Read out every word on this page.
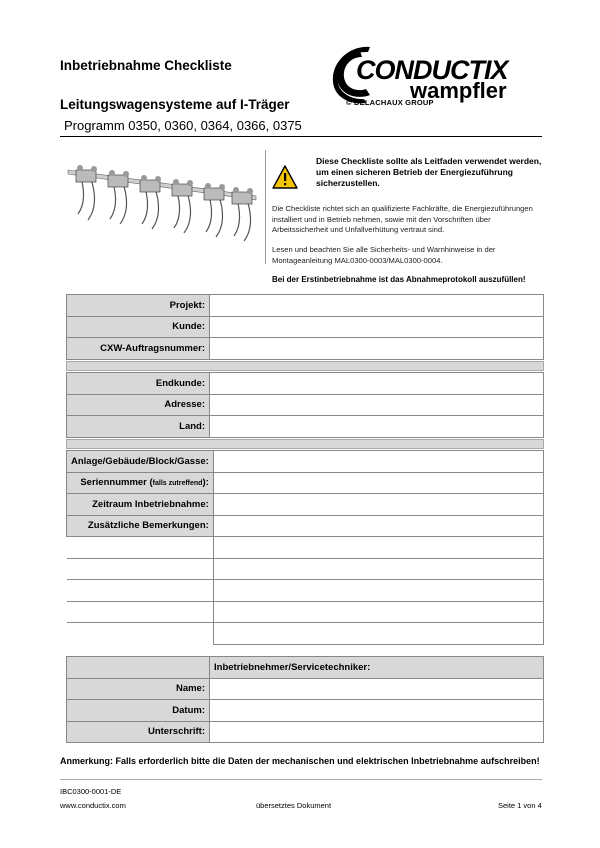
Inbetriebnahme Checkliste
Leitungswagensysteme auf I-Träger
Programm 0350, 0360, 0364, 0366, 0375
CONDUCTIX
wampfler
© DELACHAUX GROUP
Diese Checkliste sollte als Leitfaden verwendet werden, um einen sicheren Betrieb der Energiezuführung sicherzustellen.
Die Checkliste richtet sich an qualifizierte Fachkräfte, die Energiezuführungen installiert und in Betrieb nehmen, sowie mit den Vorschriften über Arbeitssicherheit und Unfallverhütung vertraut sind.
Lesen und beachten Sie alle Sicherheits- und Warnhinweise in der Montageanleitung MAL0300-0003/MAL0300-0004.
Bei der Erstinbetriebnahme ist das Abnahmeprotokoll auszufüllen!
Projekt:	
Kunde:	
CXW-Auftragsnummer:	
Endkunde:	
Adresse:	
Land:	
Anlage/Gebäude/Block/Gasse:	
Seriennummer (falls zutreffend):	
Zeitraum Inbetriebnahme:	
Zusätzliche Bemerkungen:	

	Inbetriebnehmer/Servicetechniker:
Name:	
Datum:	
Unterschrift:	
Anmerkung: Falls erforderlich bitte die Daten der mechanischen und elektrischen Inbetriebnahme aufschreiben!
IBC0300-0001-DE
www.conductix.com	übersetztes Dokument	Seite 1 von 4
